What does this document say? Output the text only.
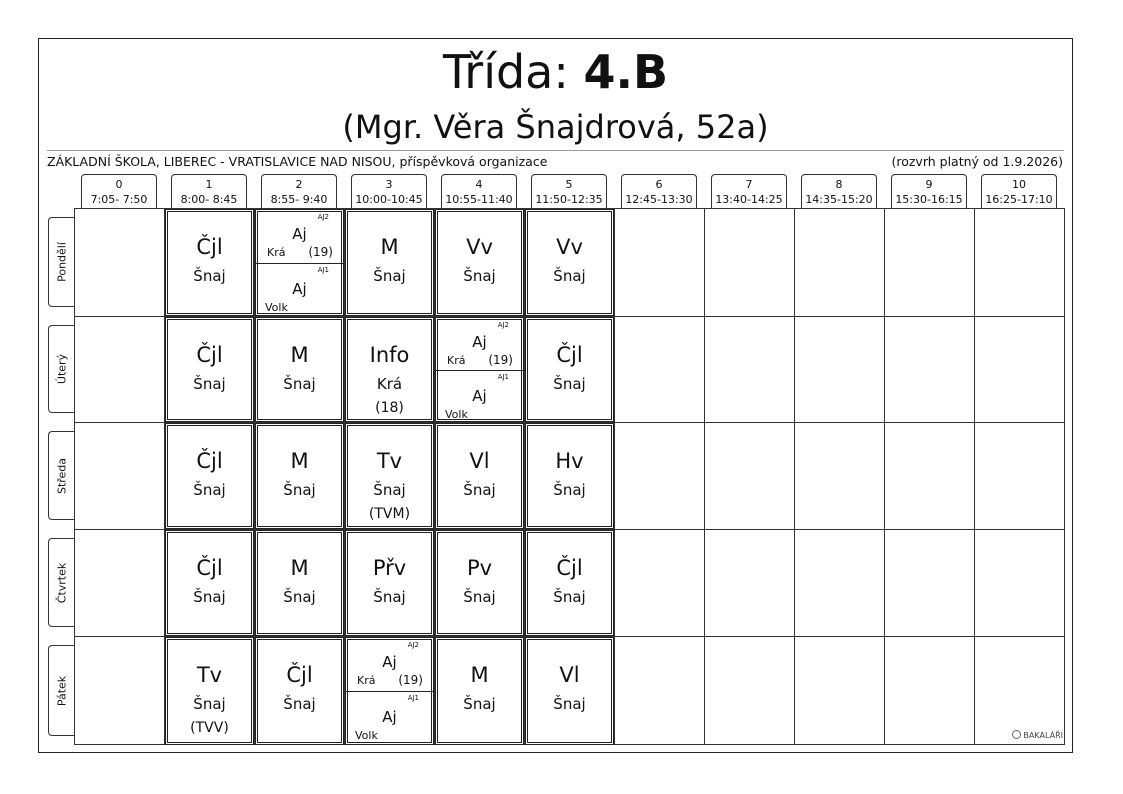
Třída: 4.B
(Mgr. Věra Šnajdrová, 52a)
ZÁKLADNÍ ŠKOLA, LIBEREC - VRATISLAVICE NAD NISOU, příspěvková organizace	(rozvrh platný od 1.9.2026)
0
7:05- 7:50
1
8:00- 8:45
2
8:55- 9:40
3
10:00-10:45
4
10:55-11:40
5
11:50-12:35
6
12:45-13:30
7
13:40-14:25
8
14:35-15:20
9
15:30-16:15
10
16:25-17:10
Pondělí
Úterý
Středa
Čtvrtek
Pátek
Čjl
Šnaj
AJ2
Aj
Krá (19)
AJ1
Aj
Volk
M
Šnaj
Vv
Šnaj
Vv
Šnaj
Čjl
Šnaj
M
Šnaj
Info
Krá
(18)
AJ2
Aj
Krá (19)
AJ1
Aj
Volk
Čjl
Šnaj
Čjl
Šnaj
M
Šnaj
Tv
Šnaj
(TVM)
Vl
Šnaj
Hv
Šnaj
Čjl
Šnaj
M
Šnaj
Přv
Šnaj
Pv
Šnaj
Čjl
Šnaj
Tv
Šnaj
(TVV)
Čjl
Šnaj
AJ2
Aj
Krá (19)
AJ1
Aj
Volk
M
Šnaj
Vl
Šnaj
BAKALÁŘI
